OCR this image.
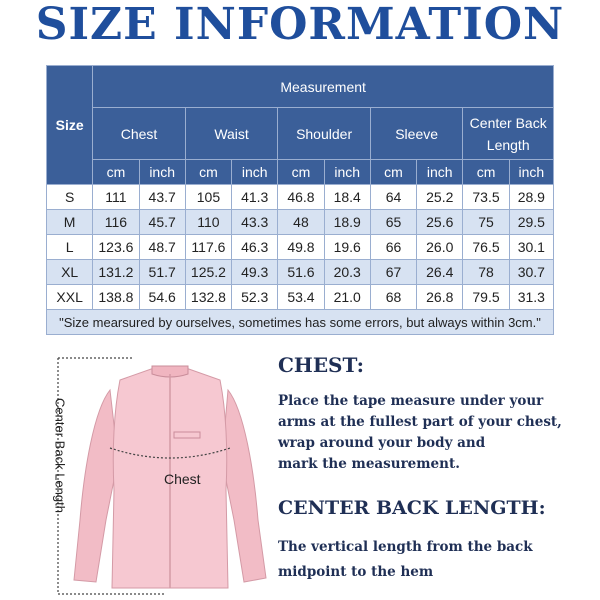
SIZE INFORMATION
Size	Measurement									
	Chest		Waist		Shoulder		Sleeve		Center Back
Length	
	cm	inch	cm	inch	cm	inch	cm	inch	cm	inch
S	111	43.7	105	41.3	46.8	18.4	64	25.2	73.5	28.9
M	116	45.7	110	43.3	48	18.9	65	25.6	75	29.5
L	123.6	48.7	117.6	46.3	49.8	19.6	66	26.0	76.5	30.1
XL	131.2	51.7	125.2	49.3	51.6	20.3	67	26.4	78	30.7
XXL	138.8	54.6	132.8	52.3	53.4	21.0	68	26.8	79.5	31.3
"Size mearsured by ourselves, sometimes has some errors, but always within 3cm."										
Center Back Length	Chest
CHEST:
Place the tape measure under your
arms at the fullest part of your chest,
wrap around your body and
mark the measurement.
CENTER BACK LENGTH:
The vertical length from the back
midpoint to the hem
